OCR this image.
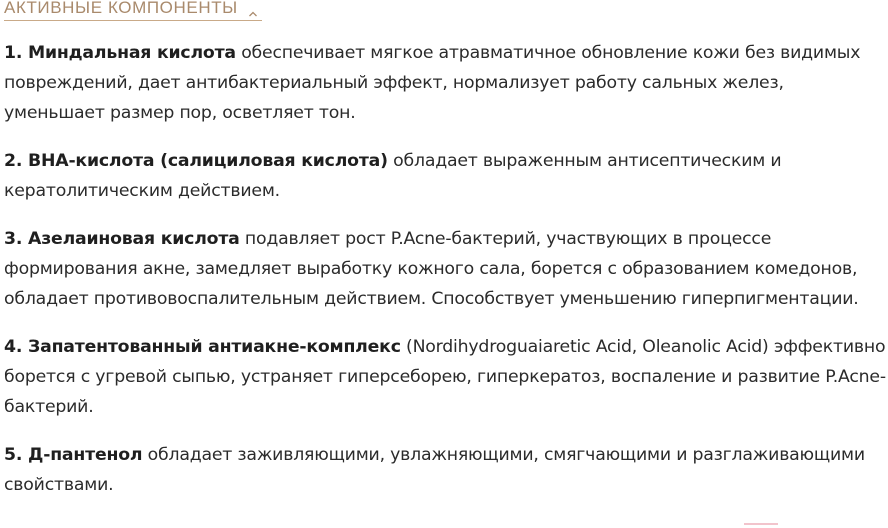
АКТИВНЫЕ КОМПОНЕНТЫ

1. Миндальная кислота обеспечивает мягкое атравматичное обновление кожи без видимых повреждений, дает антибактериальный эффект, нормализует работу сальных желез, уменьшает размер пор, осветляет тон.

2. BHA-кислота (салициловая кислота) обладает выраженным антисептическим и кератолитическим действием.

3. Азелаиновая кислота подавляет рост P.Acne-бактерий, участвующих в процессе формирования акне, замедляет выработку кожного сала, борется с образованием комедонов, обладает противовоспалительным действием. Способствует уменьшению гиперпигментации.

4. Запатентованный антиакне-комплекс (Nordihydroguaiaretic Acid, Oleanolic Acid) эффективно борется с угревой сыпью, устраняет гиперсеборею, гиперкератоз, воспаление и развитие P.Acne-бактерий.

5. Д-пантенол обладает заживляющими, увлажняющими, смягчающими и разглаживающими свойствами.
